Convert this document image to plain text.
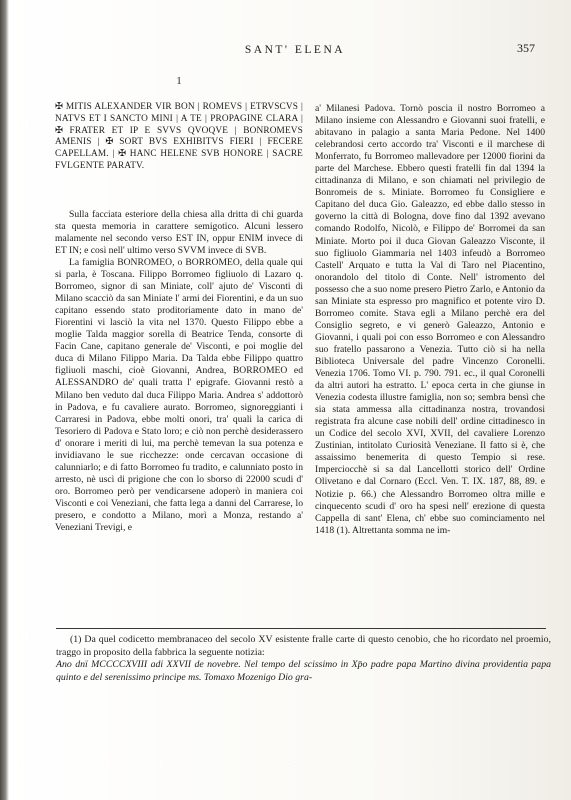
SANT' ELENA	357
1
✠ MITIS ALEXANDER VIR BON | ROMEVS | ETRVSCVS | NATVS ET I SANCTO MINI | A TE | PROPAGINE CLARA | ✠ FRATER ET IP E SVVS QVOQVE | BONROMEVS AMENIS | ✠ SORT BVS EXHIBITVS FIERI | FECERE CAPELLAM. | ✠ HANC HELENE SVB HONORE | SACRE FVLGENTE PARATV.

Sulla facciata esteriore della chiesa alla dritta di chi guarda sta questa memoria in carattere semigotico. Alcuni lessero malamente nel secondo verso EST IN, oppur ENIM invece di ET IN; e così nell' ultimo verso SVVM invece di SVB.

La famiglia BONROMEO, o BORROMEO, della quale qui si parla, è Toscana. Filippo Borromeo figliuolo di Lazaro q. Borromeo, signor di san Miniate, coll' ajuto de' Visconti di Milano scacciò da san Miniate l' armi dei Fiorentini, e da un suo capitano essendo stato proditoriamente dato in mano de' Fiorentini vi lasciò la vita nel 1370. Questo Filippo ebbe a moglie Talda maggior sorella di Beatrice Tenda, consorte di Facin Cane, capitano generale de' Visconti, e poi moglie del duca di Milano Filippo Maria. Da Talda ebbe Filippo quattro figliuoli maschi, cioè Giovanni, Andrea, BORROMEO ed ALESSANDRO de' quali tratta l' epigrafe. Giovanni restò a Milano ben veduto dal duca Filippo Maria. Andrea s' addottorò in Padova, e fu cavaliere aurato. Borromeo, signoreggianti i Carraresi in Padova, ebbe molti onori, tra' quali la carica di Tesoriero di Padova e Stato loro; e ciò non perchè desiderassero d' onorare i meriti di lui, ma perchè temevan la sua potenza e invidiavano le sue ricchezze: onde cercavan occasione di calunniarlo; e di fatto Borromeo fu tradito, e calunniato posto in arresto, nè uscì di prigione che con lo sborso di 22000 scudi d' oro. Borromeo però per vendicarsene adoperò in maniera coi Visconti e coi Veneziani, che fatta lega a danni del Carrarese, lo presero, e condotto a Milano, morì a Monza, restando a' Veneziani Trevigi, e

a' Milanesi Padova. Tornò poscia il nostro Borromeo a Milano insieme con Alessandro e Giovanni suoi fratelli, e abitavano in palagio a santa Maria Pedone. Nel 1400 celebrandosi certo accordo tra' Visconti e il marchese di Monferrato, fu Borromeo mallevadore per 12000 fiorini da parte del Marchese. Ebbero questi fratelli fin dal 1394 la cittadinanza di Milano, e son chiamati nel privilegio de Bonromeis de s. Miniate. Borromeo fu Consigliere e Capitano del duca Gio. Galeazzo, ed ebbe dallo stesso in governo la città di Bologna, dove fino dal 1392 avevano comando Rodolfo, Nicolò, e Filippo de' Borromei da san Miniate. Morto poi il duca Giovan Galeazzo Visconte, il suo figliuolo Giammaria nel 1403 infeudò a Borromeo Castell' Arquato e tutta la Val di Taro nel Piacentino, onorandolo del titolo di Conte. Nell' istromento del possesso che a suo nome presero Pietro Zarlo, e Antonio da san Miniate sta espresso pro magnifico et potente viro D. Borromeo comite. Stava egli a Milano perchè era del Consiglio segreto, e vi generò Galeazzo, Antonio e Giovanni, i quali poi con esso Borromeo e con Alessandro suo fratello passarono a Venezia. Tutto ciò si ha nella Biblioteca Universale del padre Vincenzo Coronelli. Venezia 1706. Tomo VI. p. 790. 791. ec., il qual Coronelli da altri autori ha estratto. L' epoca certa in che giunse in Venezia codesta illustre famiglia, non so; sembra bensì che sia stata ammessa alla cittadinanza nostra, trovandosi registrata fra alcune case nobili dell' ordine cittadinesco in un Codice del secolo XVI, XVII, del cavaliere Lorenzo Zustinian, intitolato Curiosità Veneziane. Il fatto si è, che assaissimo benemerita di questo Tempio si rese. Imperciocchè si sa dal Lancellotti storico dell' Ordine Olivetano e dal Cornaro (Eccl. Ven. T. IX. 187, 88, 89. e Notizie p. 66.) che Alessandro Borromeo oltra mille e cinquecento scudi d' oro ha spesi nell' erezione di questa Cappella di sant' Elena, ch' ebbe suo cominciamento nel 1418 (1). Altrettanta somma ne im-

(1) Da quel codicetto membranaceo del secolo XV esistente fralle carte di questo cenobio, che ho ricordato nel proemio, traggo in proposito della fabbrica la seguente notizia:

Ano dnï MCCCCXVIII adi XXVII de novebre. Nel tempo del scissimo in Xp̄o padre papa Martino divina providentia papa quinto e del serenissimo principe ms. Tomaxo Mozenigo Dio gra-
